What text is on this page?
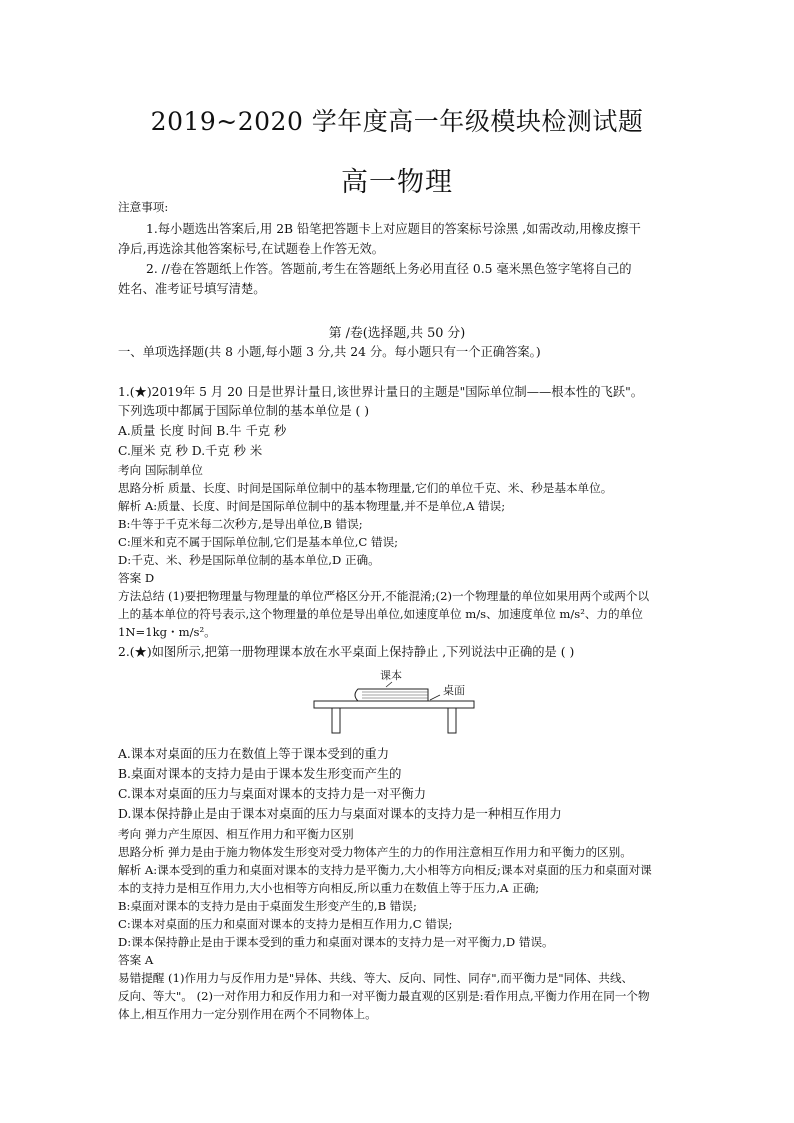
2019~2020 学年度高一年级模块检测试题
高一物理
注意事项:
1.每小题选出答案后,用 2B 铅笔把答题卡上对应题目的答案标号涂黑 ,如需改动,用橡皮擦干
净后,再选涂其他答案标号,在试题卷上作答无效。
2. //卷在答题纸上作答。答题前,考生在答题纸上务必用直径 0.5 毫米黑色签字笔将自己的
姓名、准考证号填写清楚。
第 /卷(选择题,共 50 分)
一、单项选择题(共 8 小题,每小题 3 分,共 24 分。每小题只有一个正确答案。)
1.(★)2019年 5 月 20 日是世界计量日,该世界计量日的主题是"国际单位制——根本性的飞跃"。
下列选项中都属于国际单位制的基本单位是 ( )
A.质量 长度 时间 B.牛 千克 秒
C.厘米 克 秒 D.千克 秒 米
考向 国际制单位
思路分析 质量、长度、时间是国际单位制中的基本物理量,它们的单位千克、米、秒是基本单位。
解析 A:质量、长度、时间是国际单位制中的基本物理量,并不是单位,A 错误;
B:牛等于千克米每二次秒方,是导出单位,B 错误;
C:厘米和克不属于国际单位制,它们是基本单位,C 错误;
D:千克、米、秒是国际单位制的基本单位,D 正确。
答案 D
方法总结 (1)要把物理量与物理量的单位严格区分开,不能混淆;(2)一个物理量的单位如果用两个或两个以
上的基本单位的符号表示,这个物理量的单位是导出单位,如速度单位 m/s、加速度单位 m/s²、力的单位
1N=1kg・m/s²。
2.(★)如图所示,把第一册物理课本放在水平桌面上保持静止 ,下列说法中正确的是 ( )
课本
桌面
A.课本对桌面的压力在数值上等于课本受到的重力
B.桌面对课本的支持力是由于课本发生形变而产生的
C.课本对桌面的压力与桌面对课本的支持力是一对平衡力
D.课本保持静止是由于课本对桌面的压力与桌面对课本的支持力是一种相互作用力
考向 弹力产生原因、相互作用力和平衡力区别
思路分析 弹力是由于施力物体发生形变对受力物体产生的力的作用注意相互作用力和平衡力的区别。
解析 A:课本受到的重力和桌面对课本的支持力是平衡力,大小相等方向相反;课本对桌面的压力和桌面对课
本的支持力是相互作用力,大小也相等方向相反,所以重力在数值上等于压力,A 正确;
B:桌面对课本的支持力是由于桌面发生形变产生的,B 错误;
C:课本对桌面的压力和桌面对课本的支持力是相互作用力,C 错误;
D:课本保持静止是由于课本受到的重力和桌面对课本的支持力是一对平衡力,D 错误。
答案 A
易错提醒 (1)作用力与反作用力是"异体、共线、等大、反向、同性、同存",而平衡力是"同体、共线、
反向、等大"。 (2)一对作用力和反作用力和一对平衡力最直观的区别是:看作用点,平衡力作用在同一个物
体上,相互作用力一定分别作用在两个不同物体上。
